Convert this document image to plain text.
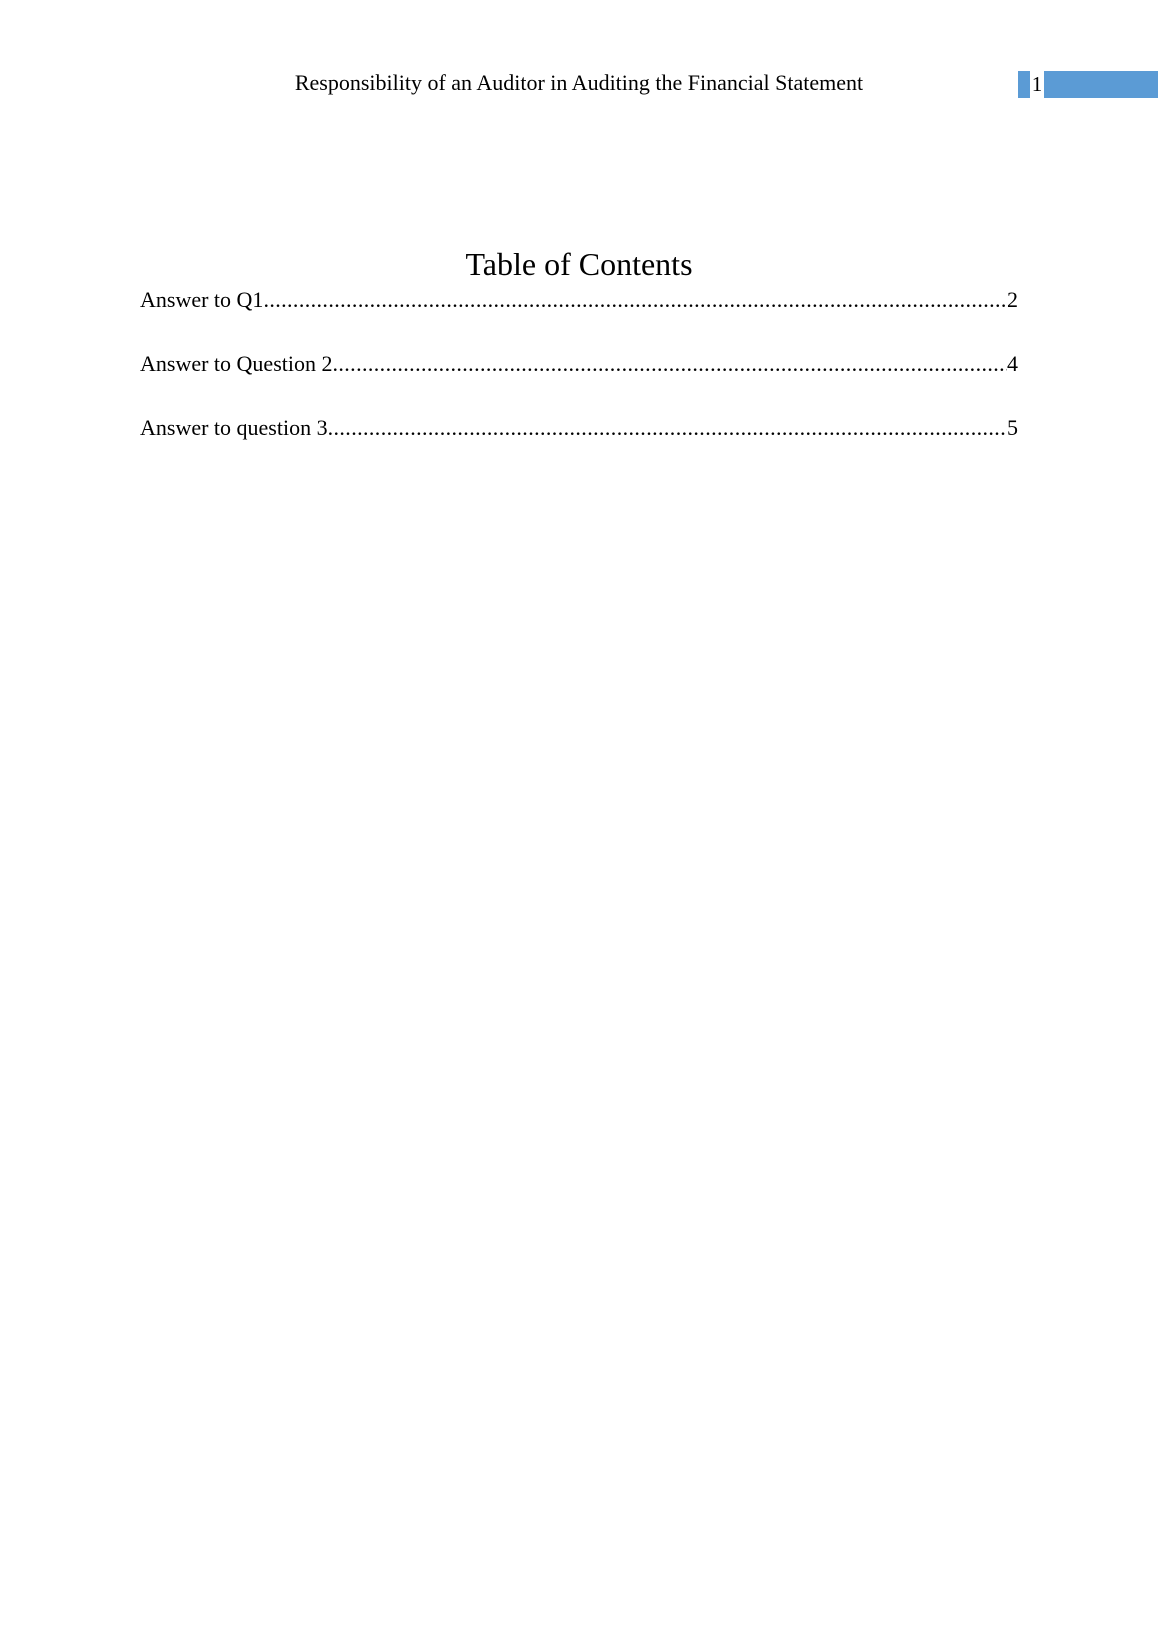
Responsibility of an Auditor in Auditing the Financial Statement	1
Table of Contents
Answer to Q1 .....	2
Answer to Question 2 .....	4
Answer to question 3 .....	5
